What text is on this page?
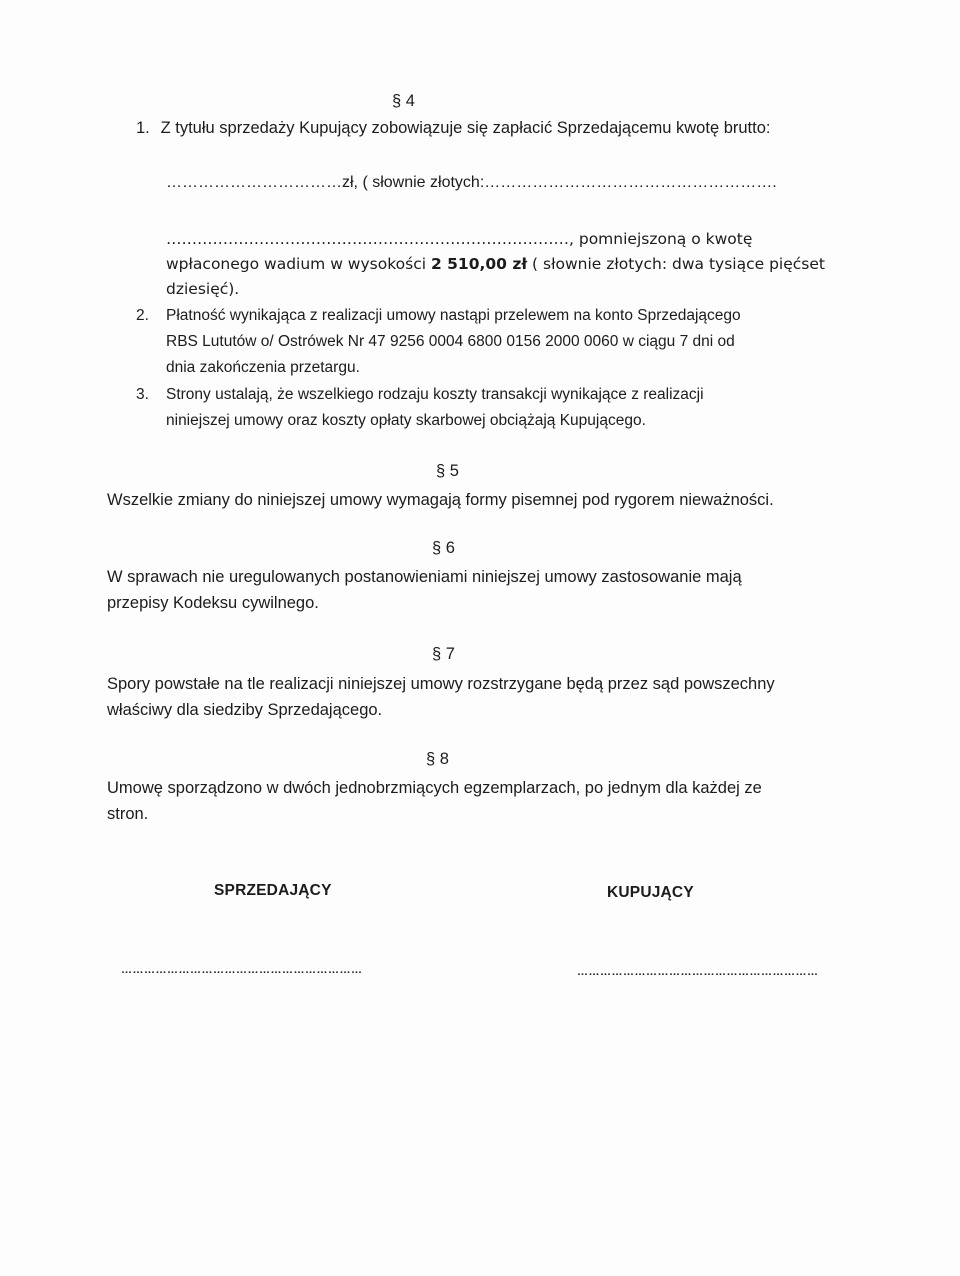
§ 4
1. Z tytułu sprzedaży Kupujący zobowiązuje się zapłacić Sprzedającemu kwotę brutto:
……………………………zł, ( słownie złotych:……………………………………………….
……………………………………………………………………, pomniejszoną o kwotę
wpłaconego wadium w wysokości 2 510,00 zł ( słownie złotych: dwa tysiące pięćset
dziesięć).
2. Płatność wynikająca z realizacji umowy nastąpi przelewem na konto Sprzedającego
RBS Lututów o/ Ostrówek Nr 47 9256 0004 6800 0156 2000 0060 w ciągu 7 dni od
dnia zakończenia przetargu.
3. Strony ustalają, że wszelkiego rodzaju koszty transakcji wynikające z realizacji
niniejszej umowy oraz koszty opłaty skarbowej obciążają Kupującego.
§ 5
Wszelkie zmiany do niniejszej umowy wymagają formy pisemnej pod rygorem nieważności.
§ 6
W sprawach nie uregulowanych postanowieniami niniejszej umowy zastosowanie mają
przepisy Kodeksu cywilnego.
§ 7
Spory powstałe na tle realizacji niniejszej umowy rozstrzygane będą przez sąd powszechny
właściwy dla siedziby Sprzedającego.
§ 8
Umowę sporządzono w dwóch jednobrzmiących egzemplarzach, po jednym dla każdej ze
stron.
SPRZEDAJĄCY	KUPUJĄCY
………………………………………………………	………………………………………………………
